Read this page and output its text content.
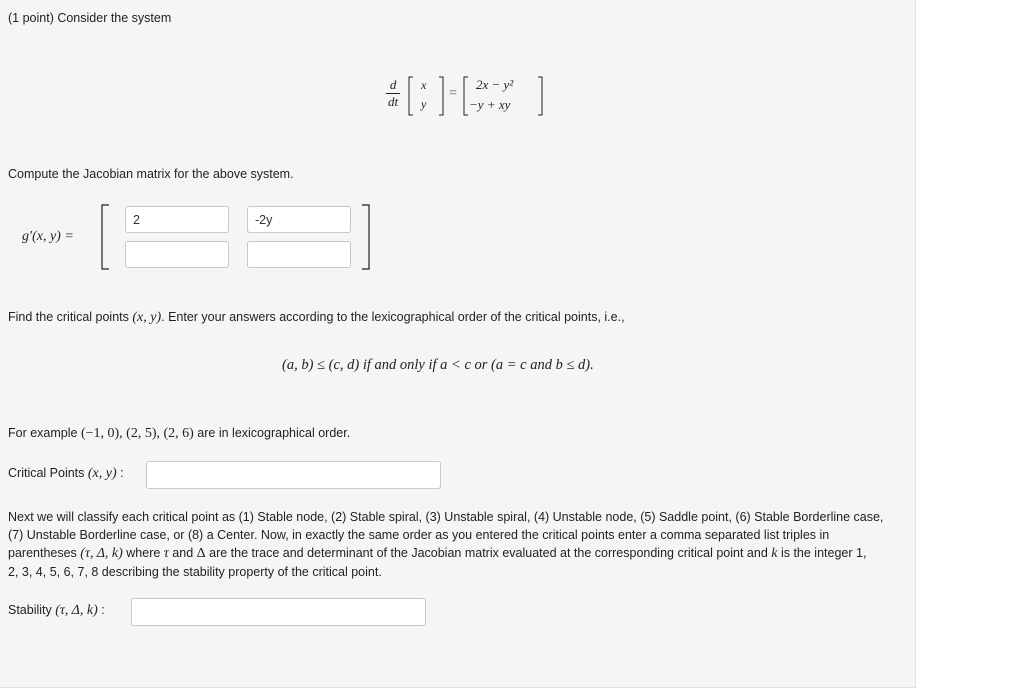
(1 point) Consider the system
$\frac{d}{dt}$ x
y
=
2x − y²
−y + xy
Compute the Jacobian matrix for the above system.
g′(x, y) =
2
-2y
Find the critical points (x, y). Enter your answers according to the lexicographical order of the critical points, i.e.,
(a, b) ≤ (c, d) if and only if a < c or (a = c and b ≤ d).
For example (−1, 0), (2, 5), (2, 6) are in lexicographical order.
Critical Points (x, y) :
Next we will classify each critical point as (1) Stable node, (2) Stable spiral, (3) Unstable spiral, (4) Unstable node, (5) Saddle point, (6) Stable Borderline case,
(7) Unstable Borderline case, or (8) a Center. Now, in exactly the same order as you entered the critical points enter a comma separated list triples in
parentheses (τ, Δ, k) where τ and Δ are the trace and determinant of the Jacobian matrix evaluated at the corresponding critical point and k is the integer 1,
2, 3, 4, 5, 6, 7, 8 describing the stability property of the critical point.
Stability (τ, Δ, k) :
